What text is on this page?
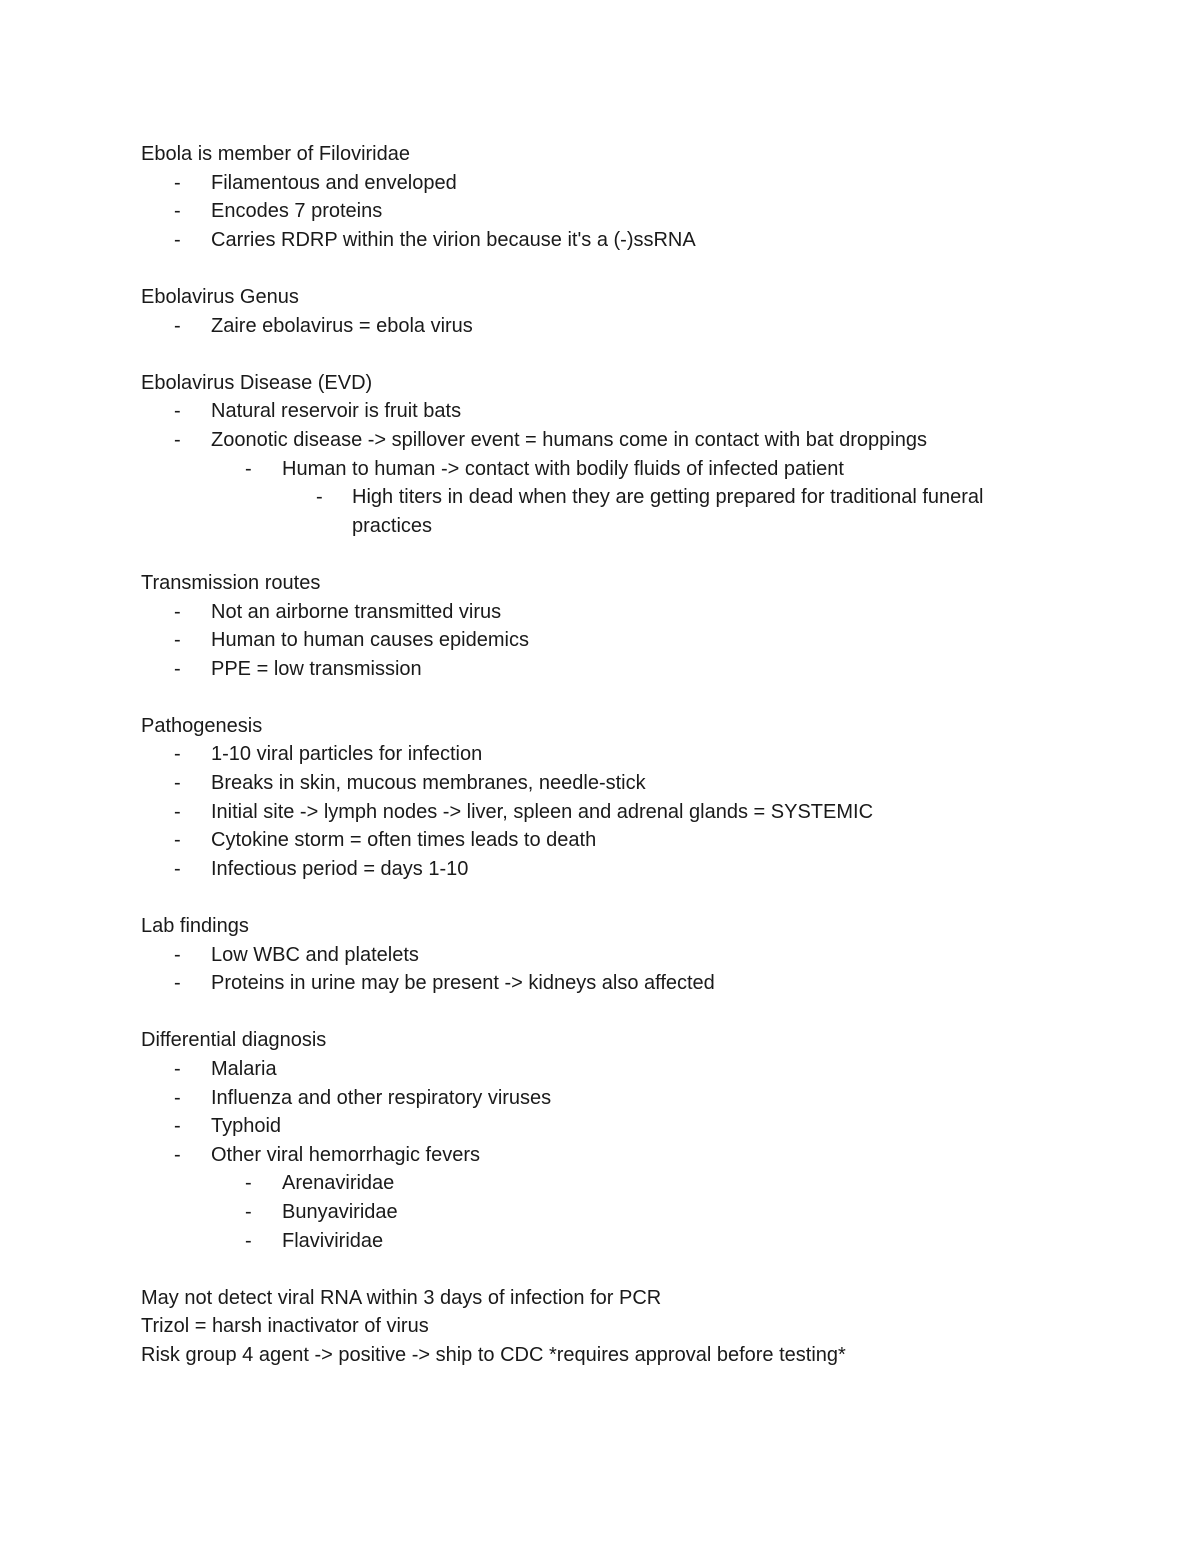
Ebola is member of Filoviridae
- Filamentous and enveloped
- Encodes 7 proteins
- Carries RDRP within the virion because it's a (-)ssRNA
Ebolavirus Genus
- Zaire ebolavirus = ebola virus
Ebolavirus Disease (EVD)
- Natural reservoir is fruit bats
- Zoonotic disease -> spillover event = humans come in contact with bat droppings
- Human to human -> contact with bodily fluids of infected patient
- High titers in dead when they are getting prepared for traditional funeral practices
Transmission routes
- Not an airborne transmitted virus
- Human to human causes epidemics
- PPE = low transmission
Pathogenesis
- 1-10 viral particles for infection
- Breaks in skin, mucous membranes, needle-stick
- Initial site -> lymph nodes -> liver, spleen and adrenal glands = SYSTEMIC
- Cytokine storm = often times leads to death
- Infectious period = days 1-10
Lab findings
- Low WBC and platelets
- Proteins in urine may be present -> kidneys also affected
Differential diagnosis
- Malaria
- Influenza and other respiratory viruses
- Typhoid
- Other viral hemorrhagic fevers
- Arenaviridae
- Bunyaviridae
- Flaviviridae
May not detect viral RNA within 3 days of infection for PCR
Trizol = harsh inactivator of virus
Risk group 4 agent -> positive -> ship to CDC *requires approval before testing*
